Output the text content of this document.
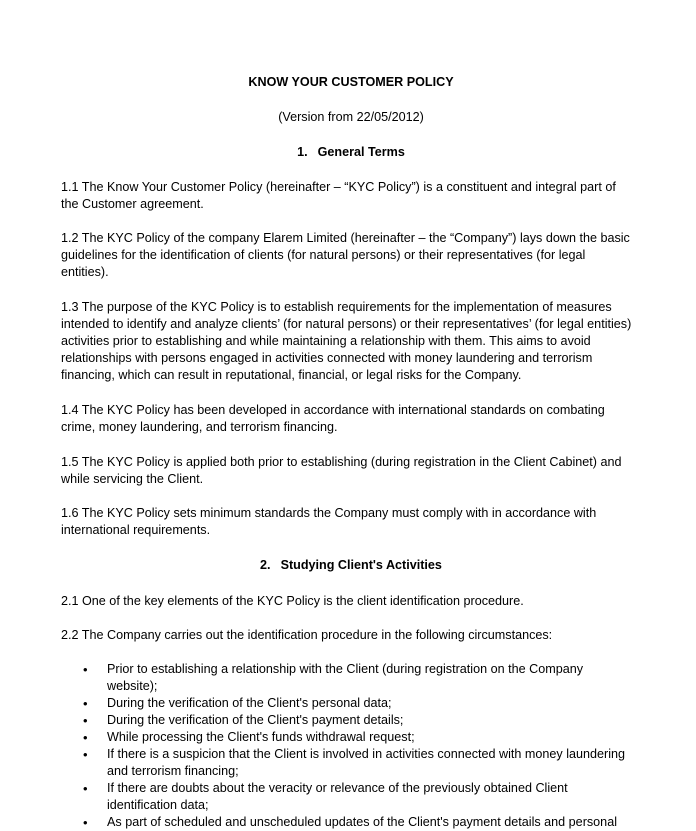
KNOW YOUR CUSTOMER POLICY
(Version from 22/05/2012)
1. General Terms

1.1 The Know Your Customer Policy (hereinafter – “KYC Policy”) is a constituent and integral part of the Customer agreement.

1.2 The KYC Policy of the company Elarem Limited (hereinafter – the “Company”) lays down the basic guidelines for the identification of clients (for natural persons) or their representatives (for legal entities).

1.3 The purpose of the KYC Policy is to establish requirements for the implementation of measures intended to identify and analyze clients’ (for natural persons) or their representatives’ (for legal entities) activities prior to establishing and while maintaining a relationship with them. This aims to avoid relationships with persons engaged in activities connected with money laundering and terrorism financing, which can result in reputational, financial, or legal risks for the Company.

1.4 The KYC Policy has been developed in accordance with international standards on combating crime, money laundering, and terrorism financing.

1.5 The KYC Policy is applied both prior to establishing (during registration in the Client Cabinet) and while servicing the Client.

1.6 The KYC Policy sets minimum standards the Company must comply with in accordance with international requirements.

2. Studying Client's Activities

2.1 One of the key elements of the KYC Policy is the client identification procedure.

2.2 The Company carries out the identification procedure in the following circumstances:

• Prior to establishing a relationship with the Client (during registration on the Company website);
• During the verification of the Client's personal data;
• During the verification of the Client's payment details;
• While processing the Client's funds withdrawal request;
• If there is a suspicion that the Client is involved in activities connected with money laundering and terrorism financing;
• If there are doubts about the veracity or relevance of the previously obtained Client identification data;
• As part of scheduled and unscheduled updates of the Client's payment details and personal
